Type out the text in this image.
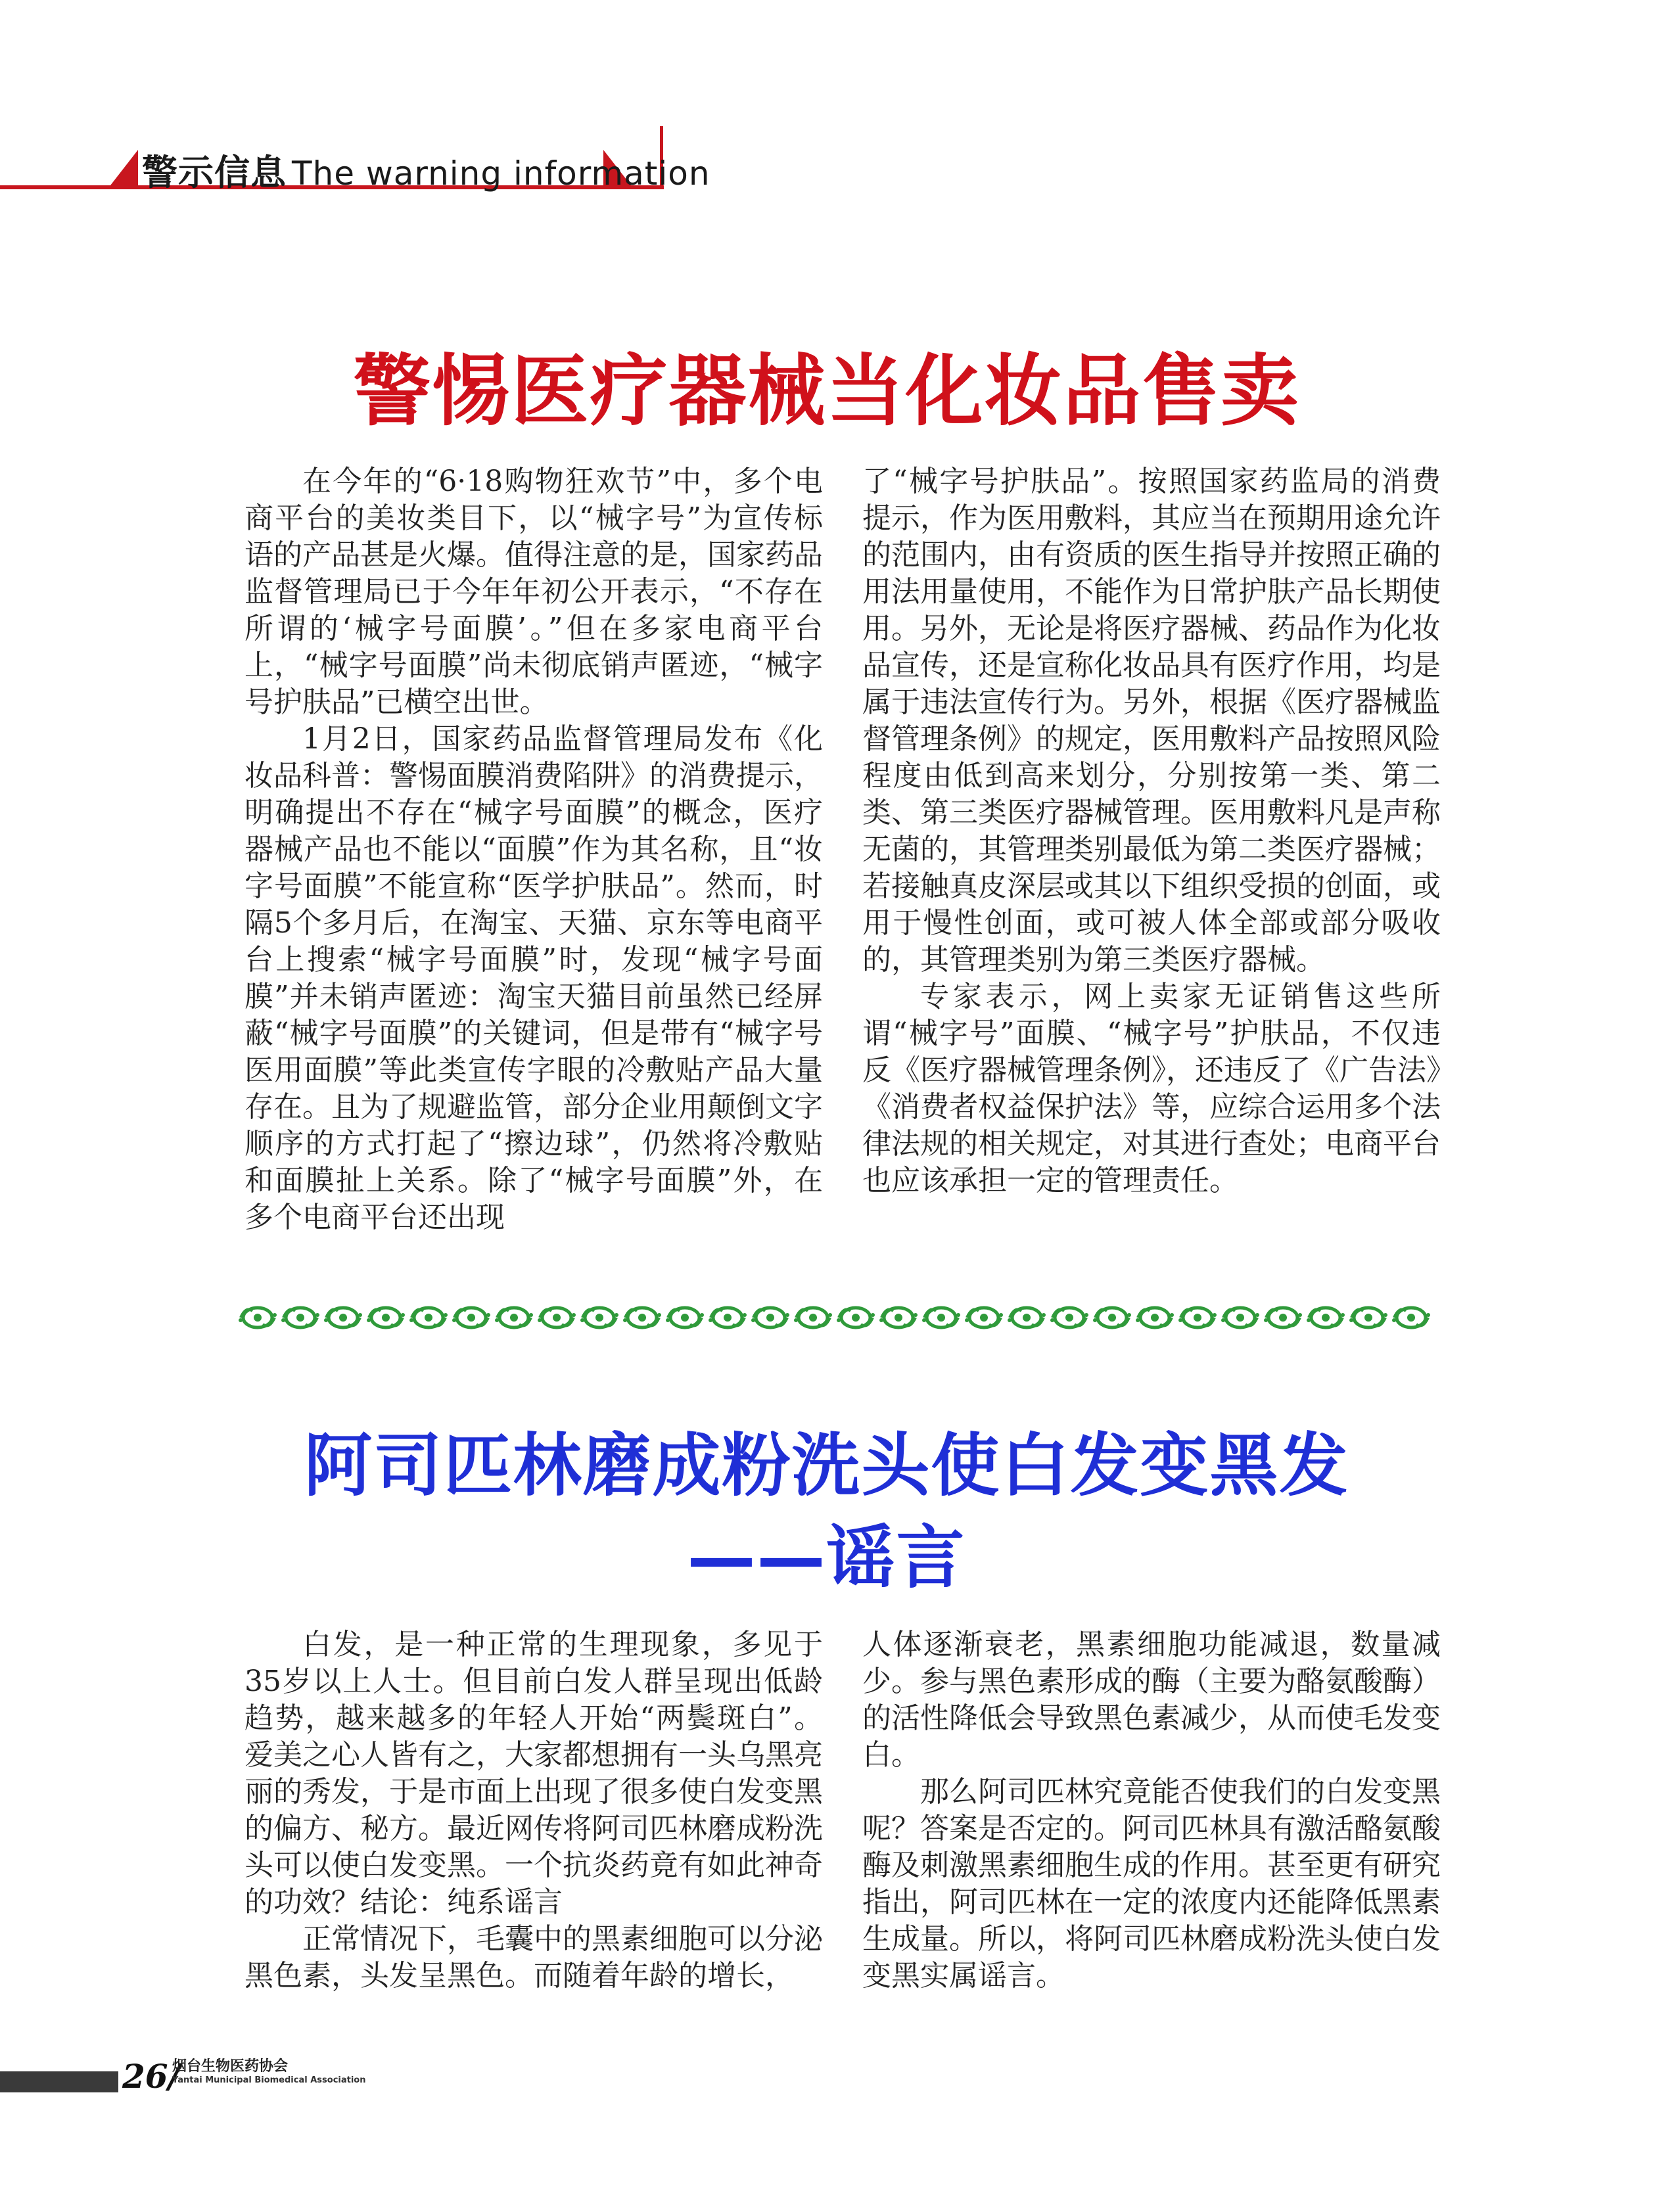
警示信息 The warning information
警惕医疗器械当化妆品售卖

在今年的“6·18购物狂欢节”中，多个电商平台的美妆类目下，以“械字号”为宣传标语的产品甚是火爆。值得注意的是，国家药品监督管理局已于今年年初公开表示，“不存在所谓的‘械字号面膜’。”但在多家电商平台上，“械字号面膜”尚未彻底销声匿迹，“械字号护肤品”已横空出世。

1月2日，国家药品监督管理局发布《化妆品科普：警惕面膜消费陷阱》的消费提示，明确提出不存在“械字号面膜”的概念，医疗器械产品也不能以“面膜”作为其名称，且“妆字号面膜”不能宣称“医学护肤品”。然而，时隔5个多月后，在淘宝、天猫、京东等电商平台上搜索“械字号面膜”时，发现“械字号面膜”并未销声匿迹：淘宝天猫目前虽然已经屏蔽“械字号面膜”的关键词，但是带有“械字号医用面膜”等此类宣传字眼的冷敷贴产品大量存在。且为了规避监管，部分企业用颠倒文字顺序的方式打起了“擦边球”，仍然将冷敷贴和面膜扯上关系。除了“械字号面膜”外，在多个电商平台还出现

了“械字号护肤品”。按照国家药监局的消费提示，作为医用敷料，其应当在预期用途允许的范围内，由有资质的医生指导并按照正确的用法用量使用，不能作为日常护肤产品长期使用。另外，无论是将医疗器械、药品作为化妆品宣传，还是宣称化妆品具有医疗作用，均是属于违法宣传行为。另外，根据《医疗器械监督管理条例》的规定，医用敷料产品按照风险程度由低到高来划分，分别按第一类、第二类、第三类医疗器械管理。医用敷料凡是声称无菌的，其管理类别最低为第二类医疗器械；若接触真皮深层或其以下组织受损的创面，或用于慢性创面，或可被人体全部或部分吸收的，其管理类别为第三类医疗器械。

专家表示，网上卖家无证销售这些所谓“械字号”面膜、“械字号”护肤品，不仅违反《医疗器械管理条例》，还违反了《广告法》《消费者权益保护法》等，应综合运用多个法律法规的相关规定，对其进行查处；电商平台也应该承担一定的管理责任。

阿司匹林磨成粉洗头使白发变黑发
——谣言

白发，是一种正常的生理现象，多见于35岁以上人士。但目前白发人群呈现出低龄趋势，越来越多的年轻人开始“两鬓斑白”。爱美之心人皆有之，大家都想拥有一头乌黑亮丽的秀发，于是市面上出现了很多使白发变黑的偏方、秘方。最近网传将阿司匹林磨成粉洗头可以使白发变黑。一个抗炎药竟有如此神奇的功效？结论：纯系谣言

正常情况下，毛囊中的黑素细胞可以分泌黑色素，头发呈黑色。而随着年龄的增长，

人体逐渐衰老，黑素细胞功能减退，数量减少。参与黑色素形成的酶（主要为酪氨酸酶）的活性降低会导致黑色素减少，从而使毛发变白。

那么阿司匹林究竟能否使我们的白发变黑呢？答案是否定的。阿司匹林具有激活酪氨酸酶及刺激黑素细胞生成的作用。甚至更有研究指出，阿司匹林在一定的浓度内还能降低黑素生成量。所以，将阿司匹林磨成粉洗头使白发变黑实属谣言。

26/
烟台生物医药协会
Yantai Municipal Biomedical Association
